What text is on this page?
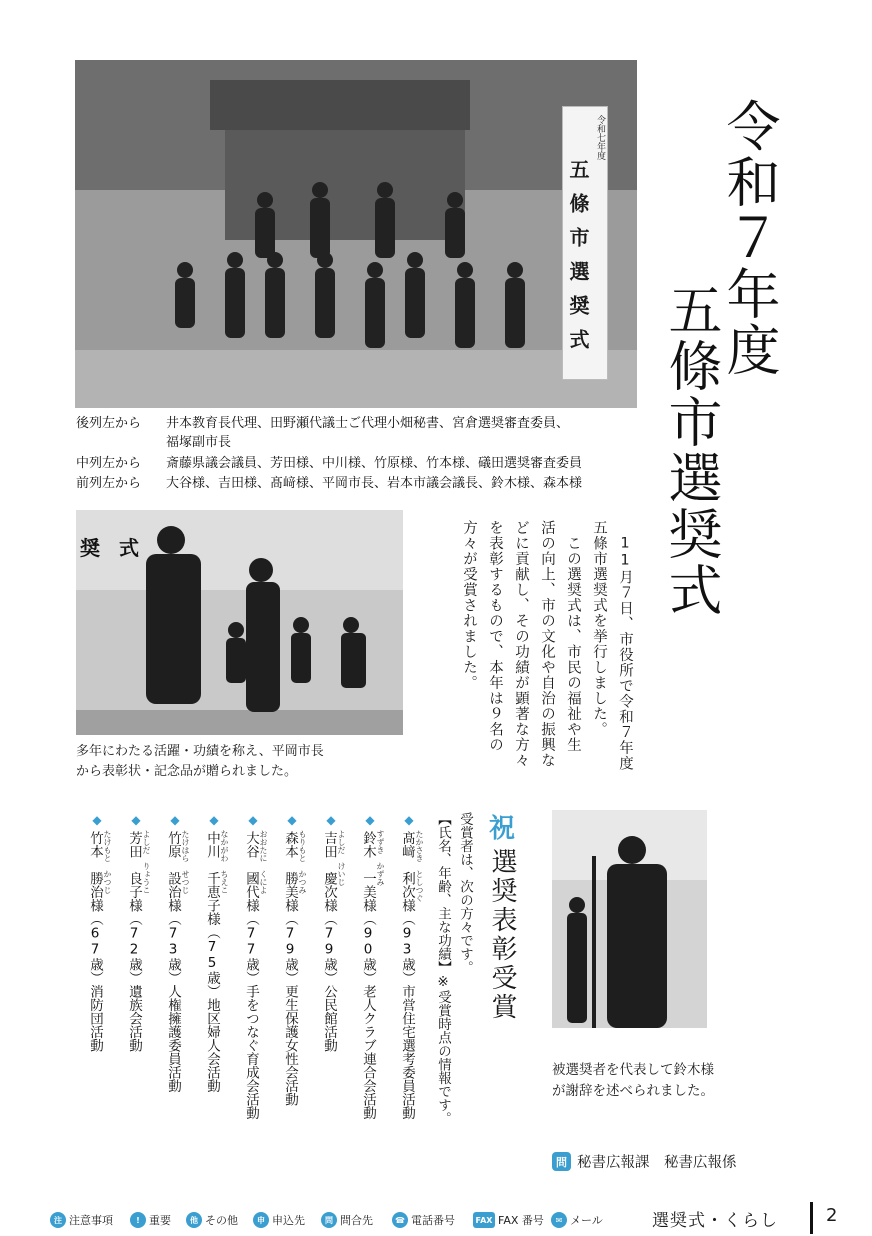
令和七年度
五條市選奨式 令和７年度
五條市選奨式
後列左から 井本教育長代理、田野瀬代議士ご代理小畑秘書、宮倉選奨審査委員、
福塚副市長
中列左から 斎藤県議会議員、芳田様、中川様、竹原様、竹本様、礒田選奨審査委員
前列左から 大谷様、吉田様、髙﨑様、平岡市長、岩本市議会議長、鈴木様、森本様
奨 式
多年にわたる活躍・功績を称え、平岡市長
から表彰状・記念品が贈られました。
　11月７日、市役所で令和７年度
五條市選奨式を挙行しました。
　この選奨式は、市民の福祉や生
活の向上、市の文化や自治の振興な
どに貢献し、その功績が顕著な方々
を表彰するもので、本年は９名の
方々が受賞されました。
祝
選奨表彰受賞
受賞者は、次の方々です。
【氏名、年齢、主な功績】※受賞時点の情報です。
◆
たかさき　としつぐ
髙﨑　利次様（93歳）市営住宅選考委員活動
◆
すずき　かずみ
鈴木　一美様（90歳）老人クラブ連合会活動
◆
よしだ　けいじ
吉田　慶次様（79歳）公民館活動
◆
もりもと　かつみ
森本　勝美様（79歳）更生保護女性会活動
◆
おおたに　くによ
大谷　國代様（77歳）手をつなぐ育成会活動
◆
なかがわ　ちえこ
中川　千恵子様（75歳）地区婦人会活動
◆
たけはら　せつじ
竹原　設治様（73歳）人権擁護委員活動
◆
よしだ　りょうこ
芳田　良子様（72歳）遺族会活動
◆
たけもと　かつじ
竹本　勝治様（67歳）消防団活動
被選奨者を代表して鈴木様
が謝辞を述べられました。
問 秘書広報課　秘書広報係
注 注意事項	! 重要	他 その他	申 申込先	問 問合先	☎ 電話番号	FAX FAX 番号	✉ メール	選奨式・くらし	2
